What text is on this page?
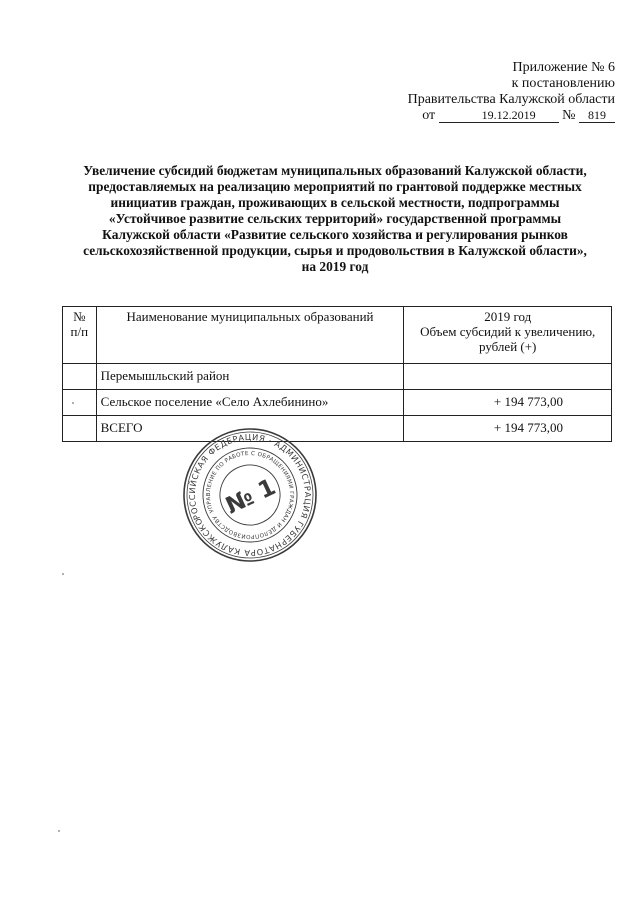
Приложение № 6
к постановлению
Правительства Калужской области
от	19.12.2019 № 819
Увеличение субсидий бюджетам муниципальных образований Калужской области,
предоставляемых на реализацию мероприятий по грантовой поддержке местных
инициатив граждан, проживающих в сельской местности, подпрограммы
«Устойчивое развитие сельских территорий» государственной программы
Калужской области «Развитие сельского хозяйства и регулирования рынков
сельскохозяйственной продукции, сырья и продовольствия в Калужской области»,
на 2019 год
№ п/п	Наименование муниципальных образований	2019 год
Объем субсидий к увеличению, рублей (+)

	Перемышльский район	
	Сельское поселение «Село Ахлебинино»	+ 194 773,00
	ВСЕГО	+ 194 773,00
РОССИЙСКАЯ ФЕДЕРАЦИЯ · АДМИНИСТРАЦИЯ ГУБЕРНАТОРА КАЛУЖСКОЙ
УПРАВЛЕНИЕ ПО РАБОТЕ С ОБРАЩЕНИЯМИ ГРАЖДАН И ДЕЛОПРОИЗВОДСТВУ № 1
